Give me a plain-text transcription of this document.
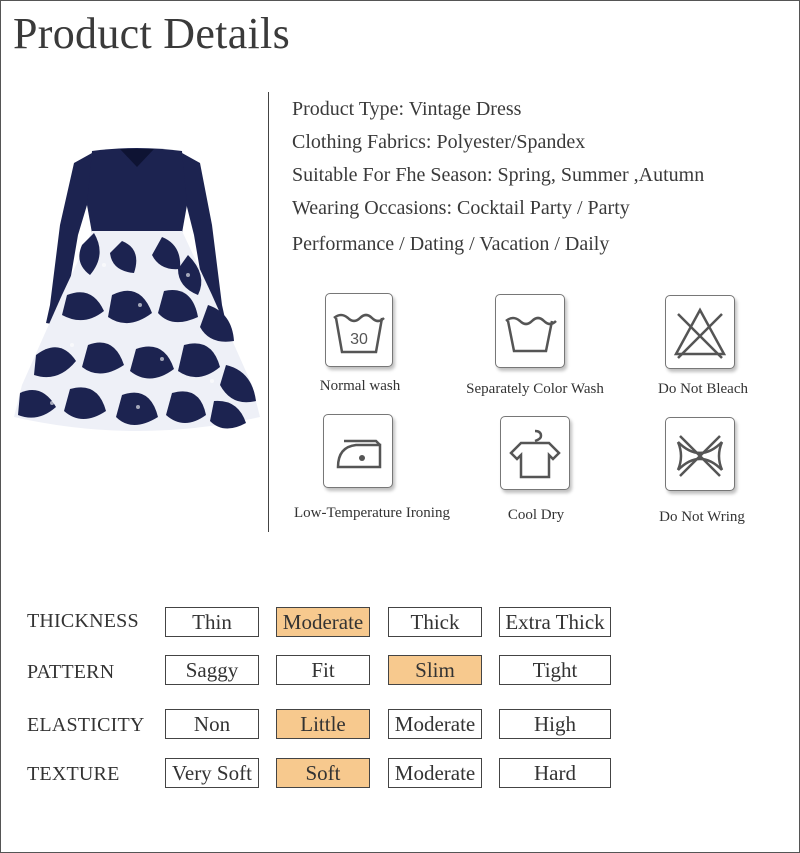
Product Details
Product Type: Vintage Dress
Clothing Fabrics: Polyester/Spandex
Suitable For Fhe Season: Spring, Summer ,Autumn
Wearing Occasions: Cocktail Party / Party
Performance / Dating / Vacation / Daily
30
Normal wash	Separately Color Wash	Do Not Bleach
Low-Temperature Ironing	Cool Dry	Do Not Wring
THICKNESS	Thin	Moderate	Thick	Extra Thick
PATTERN	Saggy	Fit	Slim	Tight
ELASTICITY	Non	Little	Moderate	High
TEXTURE	Very Soft	Soft	Moderate	Hard
